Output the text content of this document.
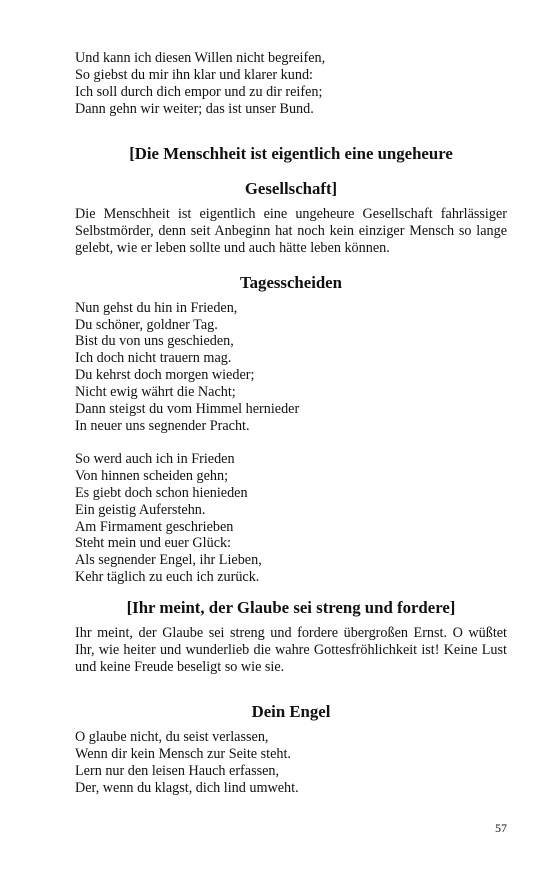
Und kann ich diesen Willen nicht begreifen,
So giebst du mir ihn klar und klarer kund:
Ich soll durch dich empor und zu dir reifen;
Dann gehn wir weiter; das ist unser Bund.
[Die Menschheit ist eigentlich eine ungeheure
Gesellschaft]

Die Menschheit ist eigentlich eine ungeheure Gesellschaft fahrlässiger Selbstmörder, denn seit Anbeginn hat noch kein einziger Mensch so lange gelebt, wie er leben sollte und auch hätte leben können.

Tagesscheiden
Nun gehst du hin in Frieden,
Du schöner, goldner Tag.
Bist du von uns geschieden,
Ich doch nicht trauern mag.
Du kehrst doch morgen wieder;
Nicht ewig währt die Nacht;
Dann steigst du vom Himmel hernieder
In neuer uns segnender Pracht.
So werd auch ich in Frieden
Von hinnen scheiden gehn;
Es giebt doch schon hienieden
Ein geistig Auferstehn.
Am Firmament geschrieben
Steht mein und euer Glück:
Als segnender Engel, ihr Lieben,
Kehr täglich zu euch ich zurück.
[Ihr meint, der Glaube sei streng und fordere]

Ihr meint, der Glaube sei streng und fordere übergroßen Ernst. O wüßtet Ihr, wie heiter und wunderlieb die wahre Gottesfröhlichkeit ist! Keine Lust und keine Freude beseligt so wie sie.

Dein Engel
O glaube nicht, du seist verlassen,
Wenn dir kein Mensch zur Seite steht.
Lern nur den leisen Hauch erfassen,
Der, wenn du klagst, dich lind umweht.
57
